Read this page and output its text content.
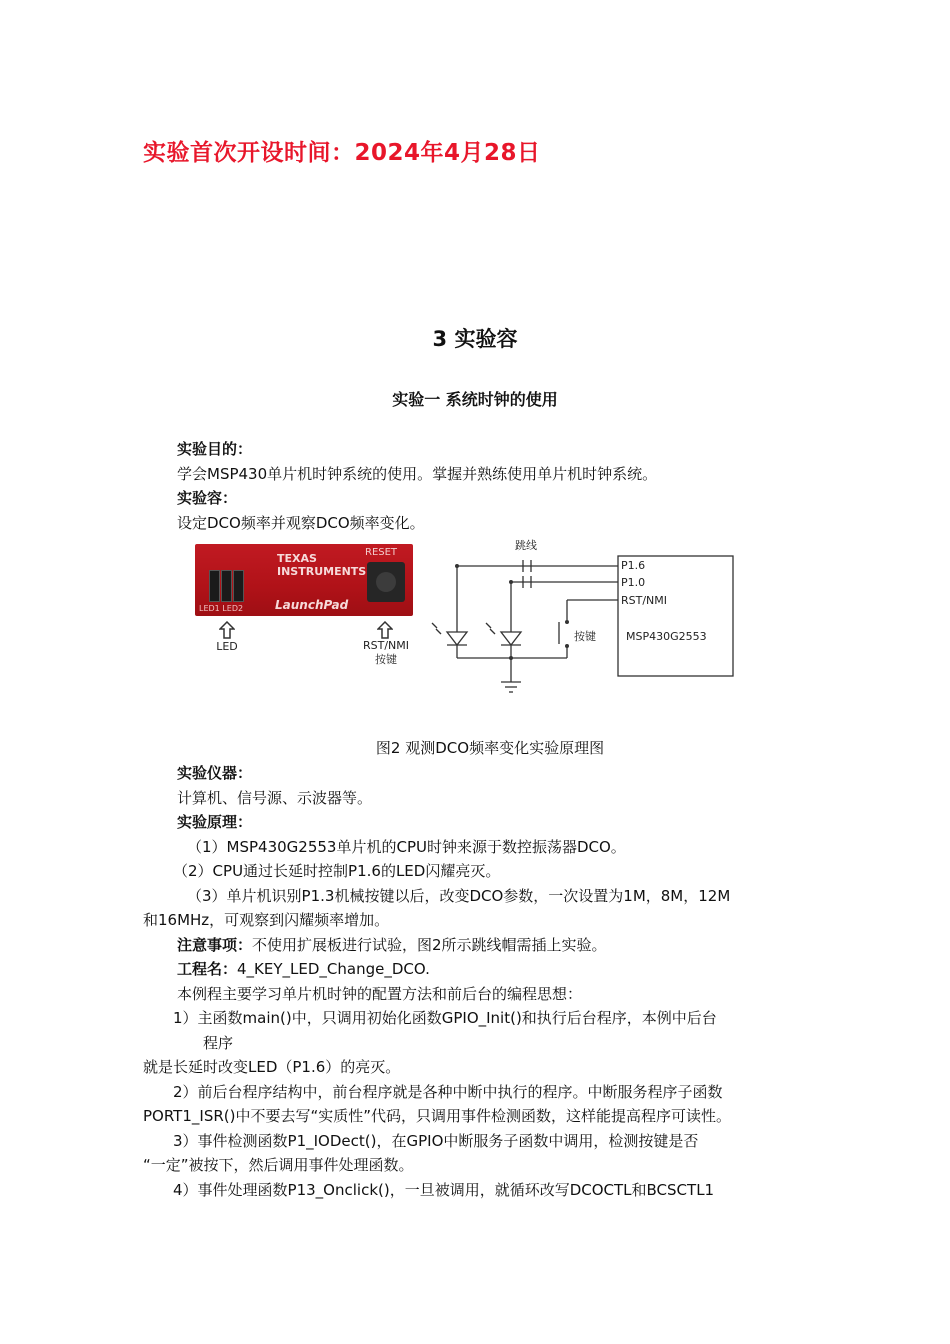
实验首次开设时间：2024年4月28日
3 实验容
实验一 系统时钟的使用
实验目的：
学会MSP430单片机时钟系统的使用。掌握并熟练使用单片机时钟系统。
实验容：
设定DCO频率并观察DCO频率变化。
TEXAS
INSTRUMENTS
LaunchPad
RESET
LED1 LED2
LED	RST/NMI
按键
跳线
P1.6
P1.0
RST/NMI
MSP430G2553
按键
图2 观测DCO频率变化实验原理图
实验仪器：
计算机、信号源、示波器等。
实验原理：
（1）MSP430G2553单片机的CPU时钟来源于数控振荡器DCO。
（2）CPU通过长延时控制P1.6的LED闪耀亮灭。
（3）单片机识别P1.3机械按键以后，改变DCO参数，一次设置为1M，8M，12M
和16MHz，可观察到闪耀频率增加。
注意事项：不使用扩展板进行试验，图2所示跳线帽需插上实验。
工程名：4_KEY_LED_Change_DCO.
本例程主要学习单片机时钟的配置方法和前后台的编程思想：
1）主函数main()中，只调用初始化函数GPIO_Init()和执行后台程序，本例中后台
程序
就是长延时改变LED（P1.6）的亮灭。
2）前后台程序结构中，前台程序就是各种中断中执行的程序。中断服务程序子函数
PORT1_ISR()中不要去写“实质性”代码，只调用事件检测函数，这样能提高程序可读性。
3）事件检测函数P1_IODect()，在GPIO中断服务子函数中调用，检测按键是否
“一定”被按下，然后调用事件处理函数。
4）事件处理函数P13_Onclick()，一旦被调用，就循环改写DCOCTL和BCSCTL1
